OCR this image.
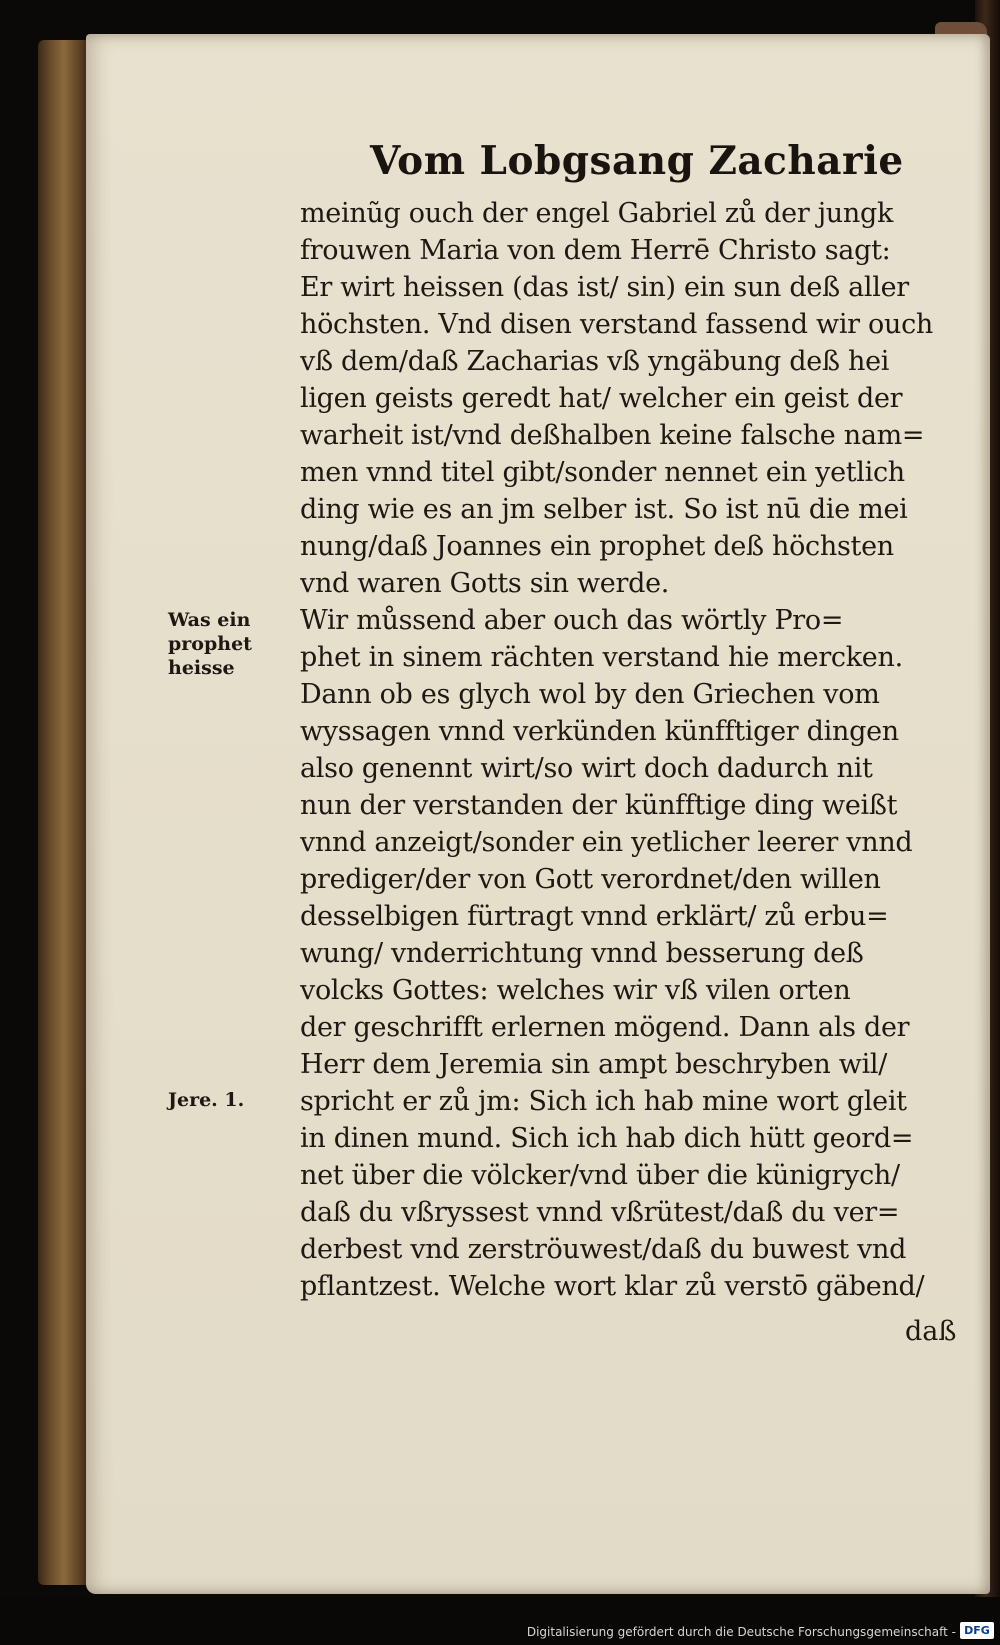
Vom Lobgsang Zacharie
meinũg ouch der engel Gabriel zů der jungk
frouwen Maria von dem Herrē Christo sagt:
Er wirt heissen (das ist/ sin) ein sun deß aller
höchsten. Vnd disen verstand fassend wir ouch
vß dem/daß Zacharias vß yngäbung deß hei
ligen geists geredt hat/ welcher ein geist der
warheit ist/vnd deßhalben keine falsche nam=
men vnnd titel gibt/sonder nennet ein yetlich
ding wie es an jm selber ist. So ist nū die mei
nung/daß Joannes ein prophet deß höchsten
vnd waren Gotts sin werde.
Wir můssend aber ouch das wörtly Pro=
phet in sinem rächten verstand hie mercken.
Dann ob es glych wol by den Griechen vom
wyssagen vnnd verkünden künfftiger dingen
also genennt wirt/so wirt doch dadurch nit
nun der verstanden der künfftige ding weißt
vnnd anzeigt/sonder ein yetlicher leerer vnnd
prediger/der von Gott verordnet/den willen
desselbigen fürtragt vnnd erklärt/ zů erbu=
wung/ vnderrichtung vnnd besserung deß
volcks Gottes: welches wir vß vilen orten
der geschrifft erlernen mögend. Dann als der
Herr dem Jeremia sin ampt beschryben wil/
spricht er zů jm: Sich ich hab mine wort gleit
in dinen mund. Sich ich hab dich hütt geord=
net über die völcker/vnd über die künigrych/
daß du vßryssest vnnd vßrütest/daß du ver=
derbest vnd zerströuwest/daß du buwest vnd
pflantzest. Welche wort klar zů verstō gäbend/
Was ein prophet heisse
Jere. 1.
daß
Digitalisierung gefördert durch die Deutsche Forschungsgemeinschaft - DFG
